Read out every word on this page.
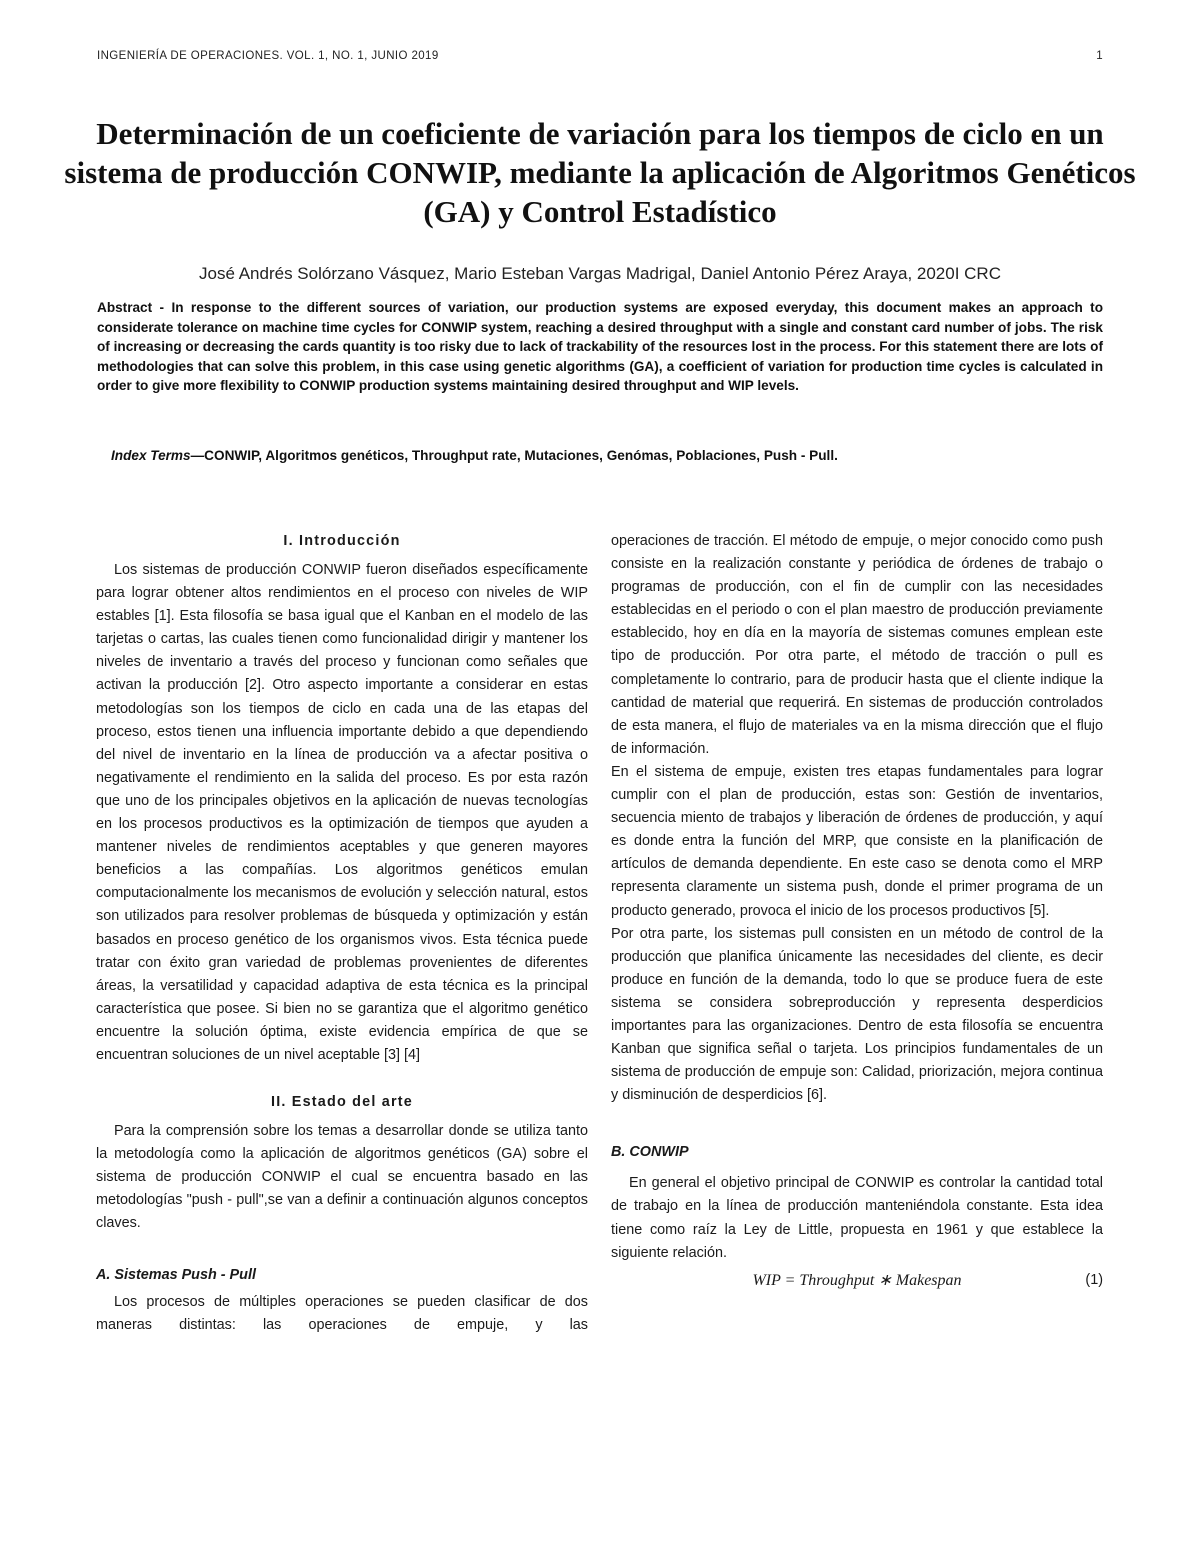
INGENIERÍA DE OPERACIONES. VOL. 1, NO. 1, JUNIO 2019	1
Determinación de un coeficiente de variación para los tiempos de ciclo en un sistema de producción CONWIP, mediante la aplicación de Algoritmos Genéticos (GA) y Control Estadístico
José Andrés Solórzano Vásquez, Mario Esteban Vargas Madrigal, Daniel Antonio Pérez Araya, 2020I CRC

Abstract - In response to the different sources of variation, our production systems are exposed everyday, this document makes an approach to considerate tolerance on machine time cycles for CONWIP system, reaching a desired throughput with a single and constant card number of jobs. The risk of increasing or decreasing the cards quantity is too risky due to lack of trackability of the resources lost in the process. For this statement there are lots of methodologies that can solve this problem, in this case using genetic algorithms (GA), a coefficient of variation for production time cycles is calculated in order to give more flexibility to CONWIP production systems maintaining desired throughput and WIP levels.

Index Terms—CONWIP, Algoritmos genéticos, Throughput rate, Mutaciones, Genómas, Poblaciones, Push - Pull.

I. Introducción

Los sistemas de producción CONWIP fueron diseñados específicamente para lograr obtener altos rendimientos en el proceso con niveles de WIP estables [1]. Esta filosofía se basa igual que el Kanban en el modelo de las tarjetas o cartas, las cuales tienen como funcionalidad dirigir y mantener los niveles de inventario a través del proceso y funcionan como señales que activan la producción [2]. Otro aspecto importante a considerar en estas metodologías son los tiempos de ciclo en cada una de las etapas del proceso, estos tienen una influencia importante debido a que dependiendo del nivel de inventario en la línea de producción va a afectar positiva o negativamente el rendimiento en la salida del proceso. Es por esta razón que uno de los principales objetivos en la aplicación de nuevas tecnologías en los procesos productivos es la optimización de tiempos que ayuden a mantener niveles de rendimientos aceptables y que generen mayores beneficios a las compañías. Los algoritmos genéticos emulan computacionalmente los mecanismos de evolución y selección natural, estos son utilizados para resolver problemas de búsqueda y optimización y están basados en proceso genético de los organismos vivos. Esta técnica puede tratar con éxito gran variedad de problemas provenientes de diferentes áreas, la versatilidad y capacidad adaptiva de esta técnica es la principal característica que posee. Si bien no se garantiza que el algoritmo genético encuentre la solución óptima, existe evidencia empírica de que se encuentran soluciones de un nivel aceptable [3] [4]

II. Estado del arte

Para la comprensión sobre los temas a desarrollar donde se utiliza tanto la metodología como la aplicación de algoritmos genéticos (GA) sobre el sistema de producción CONWIP el cual se encuentra basado en las metodologías "push - pull",se van a definir a continuación algunos conceptos claves.

A. Sistemas Push - Pull

Los procesos de múltiples operaciones se pueden clasificar de dos maneras distintas: las operaciones de empuje, y las

operaciones de tracción. El método de empuje, o mejor conocido como push consiste en la realización constante y periódica de órdenes de trabajo o programas de producción, con el fin de cumplir con las necesidades establecidas en el periodo o con el plan maestro de producción previamente establecido, hoy en día en la mayoría de sistemas comunes emplean este tipo de producción. Por otra parte, el método de tracción o pull es completamente lo contrario, para de producir hasta que el cliente indique la cantidad de material que requerirá. En sistemas de producción controlados de esta manera, el flujo de materiales va en la misma dirección que el flujo de información.

En el sistema de empuje, existen tres etapas fundamentales para lograr cumplir con el plan de producción, estas son: Gestión de inventarios, secuencia miento de trabajos y liberación de órdenes de producción, y aquí es donde entra la función del MRP, que consiste en la planificación de artículos de demanda dependiente. En este caso se denota como el MRP representa claramente un sistema push, donde el primer programa de un producto generado, provoca el inicio de los procesos productivos [5].

Por otra parte, los sistemas pull consisten en un método de control de la producción que planifica únicamente las necesidades del cliente, es decir produce en función de la demanda, todo lo que se produce fuera de este sistema se considera sobreproducción y representa desperdicios importantes para las organizaciones. Dentro de esta filosofía se encuentra Kanban que significa señal o tarjeta. Los principios fundamentales de un sistema de producción de empuje son: Calidad, priorización, mejora continua y disminución de desperdicios [6].

B. CONWIP

En general el objetivo principal de CONWIP es controlar la cantidad total de trabajo en la línea de producción manteniéndola constante. Esta idea tiene como raíz la Ley de Little, propuesta en 1961 y que establece la siguiente relación.

WIP = Throughput ∗ Makespan	(1)
